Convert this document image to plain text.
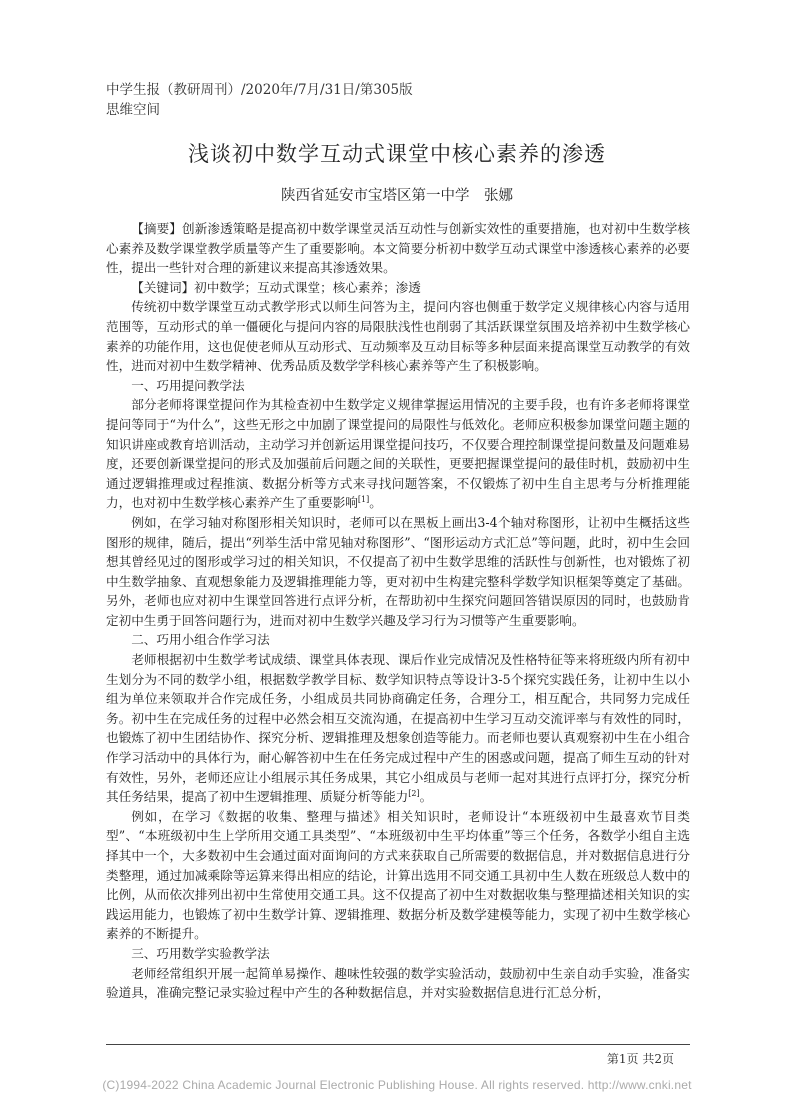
中学生报（教研周刊）/2020年/7月/31日/第305版
思维空间
浅谈初中数学互动式课堂中核心素养的渗透
陕西省延安市宝塔区第一中学　张娜

【摘要】创新渗透策略是提高初中数学课堂灵活互动性与创新实效性的重要措施，也对初中生数学核心素养及数学课堂教学质量等产生了重要影响。本文简要分析初中数学互动式课堂中渗透核心素养的必要性，提出一些针对合理的新建议来提高其渗透效果。

【关键词】初中数学；互动式课堂；核心素养；渗透

传统初中数学课堂互动式教学形式以师生问答为主，提问内容也侧重于数学定义规律核心内容与适用范围等，互动形式的单一僵硬化与提问内容的局限肤浅性也削弱了其活跃课堂氛围及培养初中生数学核心素养的功能作用，这也促使老师从互动形式、互动频率及互动目标等多种层面来提高课堂互动教学的有效性，进而对初中生数学精神、优秀品质及数学学科核心素养等产生了积极影响。

一、巧用提问教学法

部分老师将课堂提问作为其检查初中生数学定义规律掌握运用情况的主要手段，也有许多老师将课堂提问等同于“为什么”，这些无形之中加剧了课堂提问的局限性与低效化。老师应积极参加课堂问题主题的知识讲座或教育培训活动，主动学习并创新运用课堂提问技巧，不仅要合理控制课堂提问数量及问题难易度，还要创新课堂提问的形式及加强前后问题之间的关联性，更要把握课堂提问的最佳时机，鼓励初中生通过逻辑推理或过程推演、数据分析等方式来寻找问题答案，不仅锻炼了初中生自主思考与分析推理能力，也对初中生数学核心素养产生了重要影响[1]。

例如，在学习轴对称图形相关知识时，老师可以在黑板上画出3-4个轴对称图形，让初中生概括这些图形的规律，随后，提出“列举生活中常见轴对称图形”、“图形运动方式汇总”等问题，此时，初中生会回想其曾经见过的图形或学习过的相关知识，不仅提高了初中生数学思维的活跃性与创新性，也对锻炼了初中生数学抽象、直观想象能力及逻辑推理能力等，更对初中生构建完整科学数学知识框架等奠定了基础。另外，老师也应对初中生课堂回答进行点评分析，在帮助初中生探究问题回答错误原因的同时，也鼓励肯定初中生勇于回答问题行为，进而对初中生数学兴趣及学习行为习惯等产生重要影响。

二、巧用小组合作学习法

老师根据初中生数学考试成绩、课堂具体表现、课后作业完成情况及性格特征等来将班级内所有初中生划分为不同的数学小组，根据数学教学目标、数学知识特点等设计3-5个探究实践任务，让初中生以小组为单位来领取并合作完成任务，小组成员共同协商确定任务，合理分工，相互配合，共同努力完成任务。初中生在完成任务的过程中必然会相互交流沟通，在提高初中生学习互动交流评率与有效性的同时，也锻炼了初中生团结协作、探究分析、逻辑推理及想象创造等能力。而老师也要认真观察初中生在小组合作学习活动中的具体行为，耐心解答初中生在任务完成过程中产生的困惑或问题，提高了师生互动的针对有效性，另外，老师还应让小组展示其任务成果，其它小组成员与老师一起对其进行点评打分，探究分析其任务结果，提高了初中生逻辑推理、质疑分析等能力[2]。

例如，在学习《数据的收集、整理与描述》相关知识时，老师设计“本班级初中生最喜欢节目类型”、“本班级初中生上学所用交通工具类型”、“本班级初中生平均体重”等三个任务，各数学小组自主选择其中一个，大多数初中生会通过面对面询问的方式来获取自己所需要的数据信息，并对数据信息进行分类整理，通过加减乘除等运算来得出相应的结论，计算出选用不同交通工具初中生人数在班级总人数中的比例，从而依次排列出初中生常使用交通工具。这不仅提高了初中生对数据收集与整理描述相关知识的实践运用能力，也锻炼了初中生数学计算、逻辑推理、数据分析及数学建模等能力，实现了初中生数学核心素养的不断提升。

三、巧用数学实验教学法

老师经常组织开展一起简单易操作、趣味性较强的数学实验活动，鼓励初中生亲自动手实验，准备实验道具，准确完整记录实验过程中产生的各种数据信息，并对实验数据信息进行汇总分析，

第1页 共2页
(C)1994-2022 China Academic Journal Electronic Publishing House. All rights reserved. http://www.cnki.net
